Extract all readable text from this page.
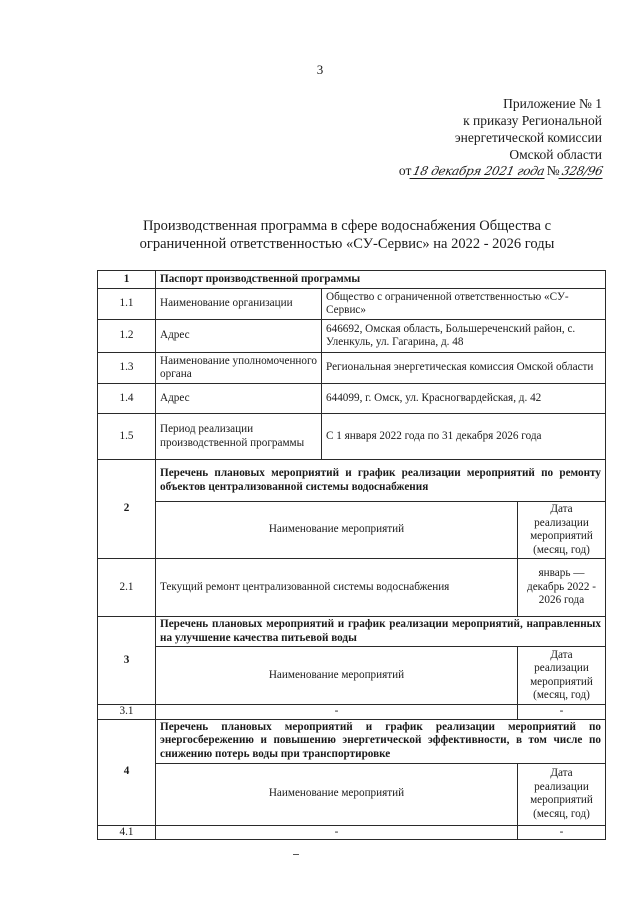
3
Приложение № 1
к приказу Региональной
энергетической комиссии
Омской области
от18 декабря 2021 года№328/96
Производственная программа в сфере водоснабжения Общества с
ограниченной ответственностью «СУ-Сервис» на 2022 - 2026 годы
1	Паспорт производственной программы		
1.1	Наименование организации	Общество с ограниченной ответственностью «СУ-Сервис»	
1.2	Адрес	646692, Омская область, Большереченский район, с. Уленкуль, ул. Гагарина, д. 48	
1.3	Наименование уполномоченного органа	Региональная энергетическая комиссия Омской области	
1.4	Адрес	644099, г. Омск, ул. Красногвардейская, д. 42	
1.5	Период реализации производственной программы	С 1 января 2022 года по 31 декабря 2026 года	
2	Перечень плановых мероприятий и график реализации мероприятий по ремонту объектов централизованной системы водоснабжения		
	Наименование мероприятий		Дата реализации мероприятий (месяц, год)
2.1	Текущий ремонт централизованной системы водоснабжения		январь — декабрь 2022 - 2026 года
3	Перечень плановых мероприятий и график реализации мероприятий, направленных на улучшение качества питьевой воды		
	Наименование мероприятий		Дата реализации мероприятий (месяц, год)
3.1	-		-
4	Перечень плановых мероприятий и график реализации мероприятий по энергосбережению и повышению энергетической эффективности, в том числе по снижению потерь воды при транспортировке		
	Наименование мероприятий		Дата реализации мероприятий (месяц, год)
4.1	-		-
